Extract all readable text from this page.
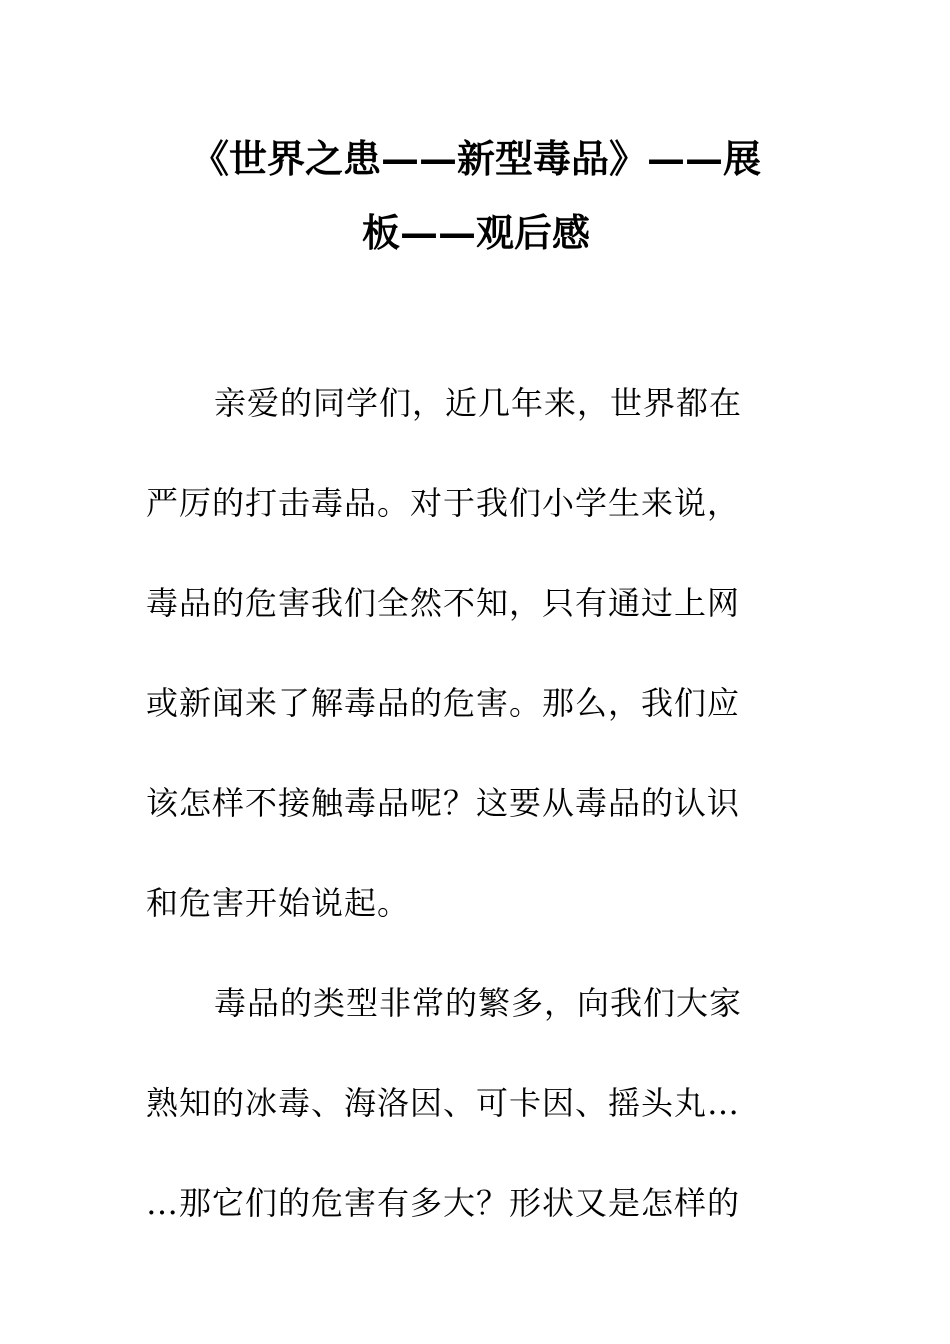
《世界之患——新型毒品》——展
板——观后感

亲爱的同学们，近几年来，世界都在

严厉的打击毒品。对于我们小学生来说，

毒品的危害我们全然不知，只有通过上网

或新闻来了解毒品的危害。那么，我们应

该怎样不接触毒品呢？这要从毒品的认识

和危害开始说起。

毒品的类型非常的繁多，向我们大家

熟知的冰毒、海洛因、可卡因、摇头丸…

…那它们的危害有多大？形状又是怎样的
